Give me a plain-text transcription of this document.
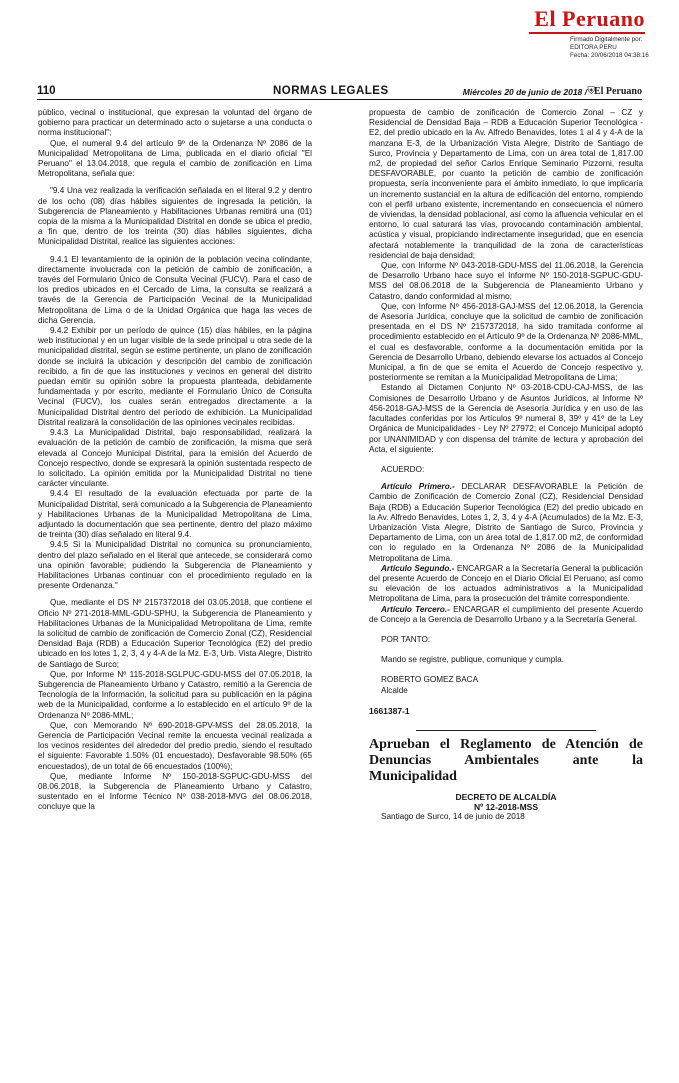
El Peruano
Firmado Digitalmente por:
EDITORA PERU
Fecha: 20/06/2018 04:38:16
110	NORMAS LEGALES	Miércoles 20 de junio de 2018 / ⛨
El Peruano

público, vecinal o institucional, que expresan la voluntad del órgano de gobierno para practicar un determinado acto o sujetarse a una conducta o norma institucional";

Que, el numeral 9.4 del artículo 9º de la Ordenanza Nº 2086 de la Municipalidad Metropolitana de Lima, publicada en el diario oficial "El Peruano" el 13.04.2018, que regula el cambio de zonificación en Lima Metropolitana, señala que:

"9.4 Una vez realizada la verificación señalada en el literal 9.2 y dentro de los ocho (08) días hábiles siguientes de ingresada la petición, la Subgerencia de Planeamiento y Habilitaciones Urbanas remitirá una (01) copia de la misma a la Municipalidad Distrital en donde se ubica el predio, a fin que, dentro de los treinta (30) días hábiles siguientes, dicha Municipalidad Distrital, realice las siguientes acciones:

9.4.1 El levantamiento de la opinión de la población vecina colindante, directamente involucrada con la petición de cambio de zonificación, a través del Formulario Único de Consulta Vecinal (FUCV). Para el caso de los predios ubicados en el Cercado de Lima, la consulta se realizará a través de la Gerencia de Participación Vecinal de la Municipalidad Metropolitana de Lima o de la Unidad Orgánica que haga las veces de dicha Gerencia.

9.4.2 Exhibir por un período de quince (15) días hábiles, en la página web institucional y en un lugar visible de la sede principal u otra sede de la municipalidad distrital, según se estime pertinente, un plano de zonificación donde se incluirá la ubicación y descripción del cambio de zonificación recibido, a fin de que las instituciones y vecinos en general del distrito puedan emitir su opinión sobre la propuesta planteada, debidamente fundamentada y por escrito, mediante el Formulario Único de Consulta Vecinal (FUCV), los cuales serán entregados directamente a la Municipalidad Distrital dentro del período de exhibición. La Municipalidad Distrital realizará la consolidación de las opiniones vecinales recibidas.

9.4.3 La Municipalidad Distrital, bajo responsabilidad, realizará la evaluación de la petición de cambio de zonificación, la misma que será elevada al Concejo Municipal Distrital, para la emisión del Acuerdo de Concejo respectivo, donde se expresará la opinión sustentada respecto de lo solicitado. La opinión emitida por la Municipalidad Distrital no tiene carácter vinculante.

9.4.4 El resultado de la evaluación efectuada por parte de la Municipalidad Distrital, será comunicado a la Subgerencia de Planeamiento y Habilitaciones Urbanas de la Municipalidad Metropolitana de Lima, adjuntado la documentación que sea pertinente, dentro del plazo máximo de treinta (30) días señalado en literal 9.4.

9.4.5 Si la Municipalidad Distrital no comunica su pronunciamiento, dentro del plazo señalado en el literal que antecede, se considerará como una opinión favorable; pudiendo la Subgerencia de Planeamiento y Habilitaciones Urbanas continuar con el procedimiento regulado en la presente Ordenanza."

Que, mediante el DS Nº 2157372018 del 03.05.2018, que contiene el Oficio Nº 271-2018-MML-GDU-SPHU, la Subgerencia de Planeamiento y Habilitaciones Urbanas de la Municipalidad Metropolitana de Lima, remite la solicitud de cambio de zonificación de Comercio Zonal (CZ), Residencial Densidad Baja (RDB) a Educación Superior Tecnológica (E2) del predio ubicado en los lotes 1, 2, 3, 4 y 4-A de la Mz. E-3, Urb. Vista Alegre, Distrito de Santiago de Surco;

Que, por Informe Nº 115-2018-SGLPUC-GDU-MSS del 07.05.2018, la Subgerencia de Planeamiento Urbano y Catastro, remitió a la Gerencia de Tecnología de la Información, la solicitud para su publicación en la página web de la Municipalidad, conforme a lo establecido en el artículo 9º de la Ordenanza Nº 2086-MML;

Que, con Memorando Nº 690-2018-GPV-MSS del 28.05.2018, la Gerencia de Participación Vecinal remite la encuesta vecinal realizada a los vecinos residentes del alrededor del predio predio, siendo el resultado el siguiente: Favorable 1.50% (01 encuestado), Desfavorable 98.50% (65 encuestados), de un total de 66 encuestados (100%);

Que, mediante Informe Nº 150-2018-SGPUC-GDU-MSS del 08.06.2018, la Subgerencia de Planeamiento Urbano y Catastro, sustentado en el Informe Técnico Nº 038-2018-MVG del 08.06.2018, concluye que la

propuesta de cambio de zonificación de Comercio Zonal – CZ y Residencial de Densidad Baja – RDB a Educación Superior Tecnológica - E2, del predio ubicado en la Av. Alfredo Benavides, lotes 1 al 4 y 4-A de la manzana E-3, de la Urbanización Vista Alegre, Distrito de Santiago de Surco, Provincia y Departamento de Lima, con un área total de 1,817.00 m2, de propiedad del señor Carlos Enrique Seminario Pizzorni, resulta DESFAVORABLE, por cuanto la petición de cambio de zonificación propuesta, sería inconveniente para el ámbito inmediato, lo que implicaría un incremento sustancial en la altura de edificación del entorno, rompiendo con el perfil urbano existente, incrementando en consecuencia el número de viviendas, la densidad poblacional, así como la afluencia vehicular en el entorno, lo cual saturará las vías, provocando contaminación ambiental, acústica y visual, propiciando indirectamente inseguridad, que en esencia afectará notablemente la tranquilidad de la zona de características residencial de baja densidad;

Que, con Informe Nº 043-2018-GDU-MSS del 11.06.2018, la Gerencia de Desarrollo Urbano hace suyo el Informe Nº 150-2018-SGPUC-GDU-MSS del 08.06.2018 de la Subgerencia de Planeamiento Urbano y Catastro, dando conformidad al mismo;

Que, con Informe Nº 456-2018-GAJ-MSS del 12.06.2018, la Gerencia de Asesoría Jurídica, concluye que la solicitud de cambio de zonificación presentada en el DS Nº 2157372018, ha sido tramitada conforme al procedimiento establecido en el Artículo 9º de la Ordenanza Nº 2086-MML, el cual es desfavorable, conforme a la documentación emitida por la Gerencia de Desarrollo Urbano, debiendo elevarse los actuados al Concejo Municipal, a fin de que se emita el Acuerdo de Concejo respectivo y, posteriormente se remitan a la Municipalidad Metropolitana de Lima;

Estando al Dictamen Conjunto Nº 03-2018-CDU-CAJ-MSS, de las Comisiones de Desarrollo Urbano y de Asuntos Jurídicos, al Informe Nº 456-2018-GAJ-MSS de la Gerencia de Asesoría Jurídica y en uso de las facultades conferidas por los Artículos 9º numeral 8, 39º y 41º de la Ley Orgánica de Municipalidades - Ley Nº 27972; el Concejo Municipal adoptó por UNANIMIDAD y con dispensa del trámite de lectura y aprobación del Acta, el siguiente:

ACUERDO:

Artículo Primero.- DECLARAR DESFAVORABLE la Petición de Cambio de Zonificación de Comercio Zonal (CZ), Residencial Densidad Baja (RDB) a Educación Superior Tecnológica (E2) del predio ubicado en la Av. Alfredo Benavides, Lotes 1, 2, 3, 4 y 4-A (Acumulados) de la Mz. E-3, Urbanización Vista Alegre, Distrito de Santiago de Surco, Provincia y Departamento de Lima, con un área total de 1,817.00 m2, de conformidad con lo regulado en la Ordenanza Nº 2086 de la Municipalidad Metropolitana de Lima.

Artículo Segundo.- ENCARGAR a la Secretaría General la publicación del presente Acuerdo de Concejo en el Diario Oficial El Peruano; así como su elevación de los actuados administrativos a la Municipalidad Metropolitana de Lima, para la prosecución del trámite correspondiente.

Artículo Tercero.- ENCARGAR el cumplimiento del presente Acuerdo de Concejo a la Gerencia de Desarrollo Urbano y a la Secretaría General.

POR TANTO:

Mando se registre, publique, comunique y cumpla.

ROBERTO GOMEZ BACA

Alcalde

1661387-1
Aprueban el Reglamento de Atención de Denuncias Ambientales ante la Municipalidad
DECRETO DE ALCALDÍA
Nº 12-2018-MSS

Santiago de Surco, 14 de junio de 2018
